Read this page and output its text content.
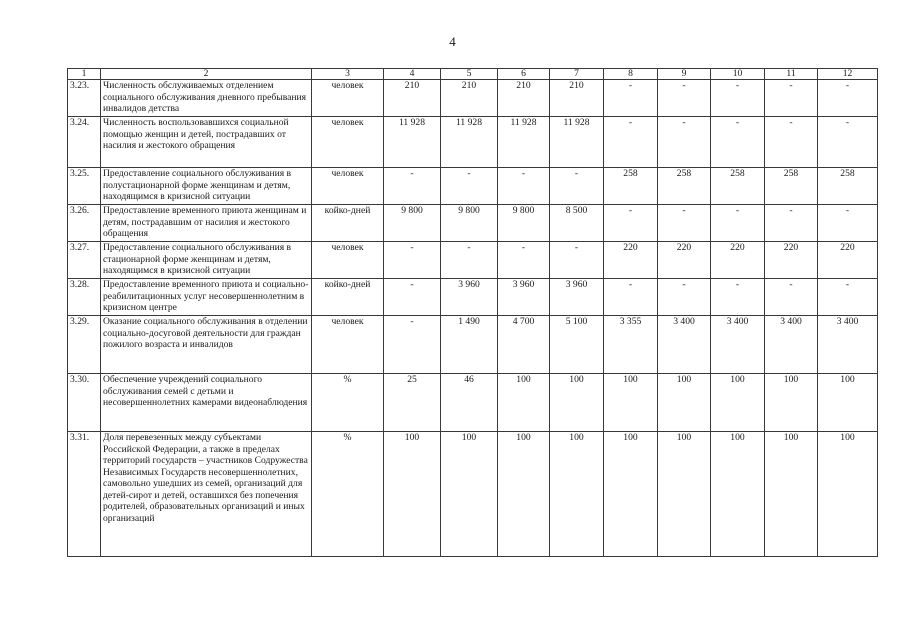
4
1	2	3	4	5	6	7	8	9	10	11	12
3.23.	Численность обслуживаемых отделением социального обслуживания дневного пребывания инвалидов детства	человек	210	210	210	210	-	-	-	-	-
3.24.	Численность воспользовавшихся социальной помощью женщин и детей, пострадавших от насилия и жестокого обращения	человек	11 928	11 928	11 928	11 928	-	-	-	-	-
3.25.	Предоставление социального обслуживания в полустационарной форме женщинам и детям, находящимся в кризисной ситуации	человек	-	-	-	-	258	258	258	258	258
3.26.	Предоставление временного приюта женщинам и детям, пострадавшим от насилия и жестокого обращения	койко-дней	9 800	9 800	9 800	8 500	-	-	-	-	-
3.27.	Предоставление социального обслуживания в стационарной форме женщинам и детям, находящимся в кризисной ситуации	человек	-	-	-	-	220	220	220	220	220
3.28.	Предоставление временного приюта и социально-реабилитационных услуг несовершеннолетним в кризисном центре	койко-дней	-	3 960	3 960	3 960	-	-	-	-	-
3.29.	Оказание социального обслуживания в отделении социально-досуговой деятельности для граждан пожилого возраста и инвалидов	человек	-	1 490	4 700	5 100	3 355	3 400	3 400	3 400	3 400
3.30.	Обеспечение учреждений социального обслуживания семей с детьми и несовершеннолетних камерами видеонаблюдения	%	25	46	100	100	100	100	100	100	100
3.31.	Доля перевезенных между субъектами Российской Федерации, а также в пределах территорий государств – участников Содружества Независимых Государств несовершеннолетних, самовольно ушедших из семей, организаций для детей-сирот и детей, оставшихся без попечения родителей, образовательных организаций и иных организаций	%	100	100	100	100	100	100	100	100	100
